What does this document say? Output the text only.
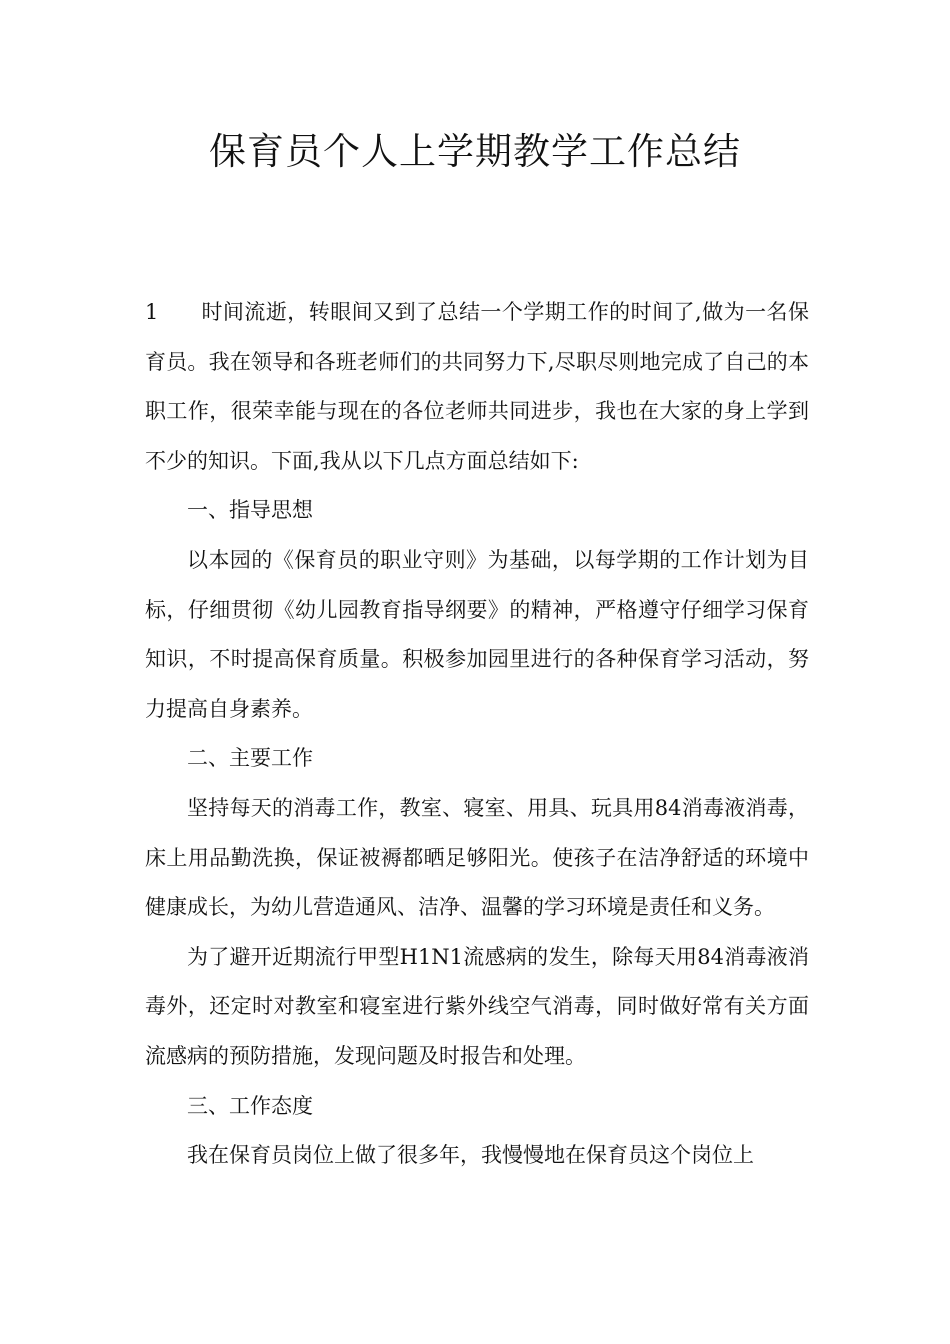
保育员个人上学期教学工作总结

1 时间流逝，转眼间又到了总结一个学期工作的时间了,做为一名保育员。我在领导和各班老师们的共同努力下,尽职尽则地完成了自己的本职工作，很荣幸能与现在的各位老师共同进步，我也在大家的身上学到不少的知识。下面,我从以下几点方面总结如下:

一、指导思想

以本园的《保育员的职业守则》为基础，以每学期的工作计划为目标，仔细贯彻《幼儿园教育指导纲要》的精神，严格遵守仔细学习保育知识，不时提高保育质量。积极参加园里进行的各种保育学习活动，努力提高自身素养。

二、主要工作

坚持每天的消毒工作，教室、寝室、用具、玩具用84消毒液消毒，床上用品勤洗换，保证被褥都晒足够阳光。使孩子在洁净舒适的环境中健康成长，为幼儿营造通风、洁净、温馨的学习环境是责任和义务。

为了避开近期流行甲型H1N1流感病的发生，除每天用84消毒液消毒外，还定时对教室和寝室进行紫外线空气消毒，同时做好常有关方面流感病的预防措施，发现问题及时报告和处理。

三、工作态度

我在保育员岗位上做了很多年，我慢慢地在保育员这个岗位上
